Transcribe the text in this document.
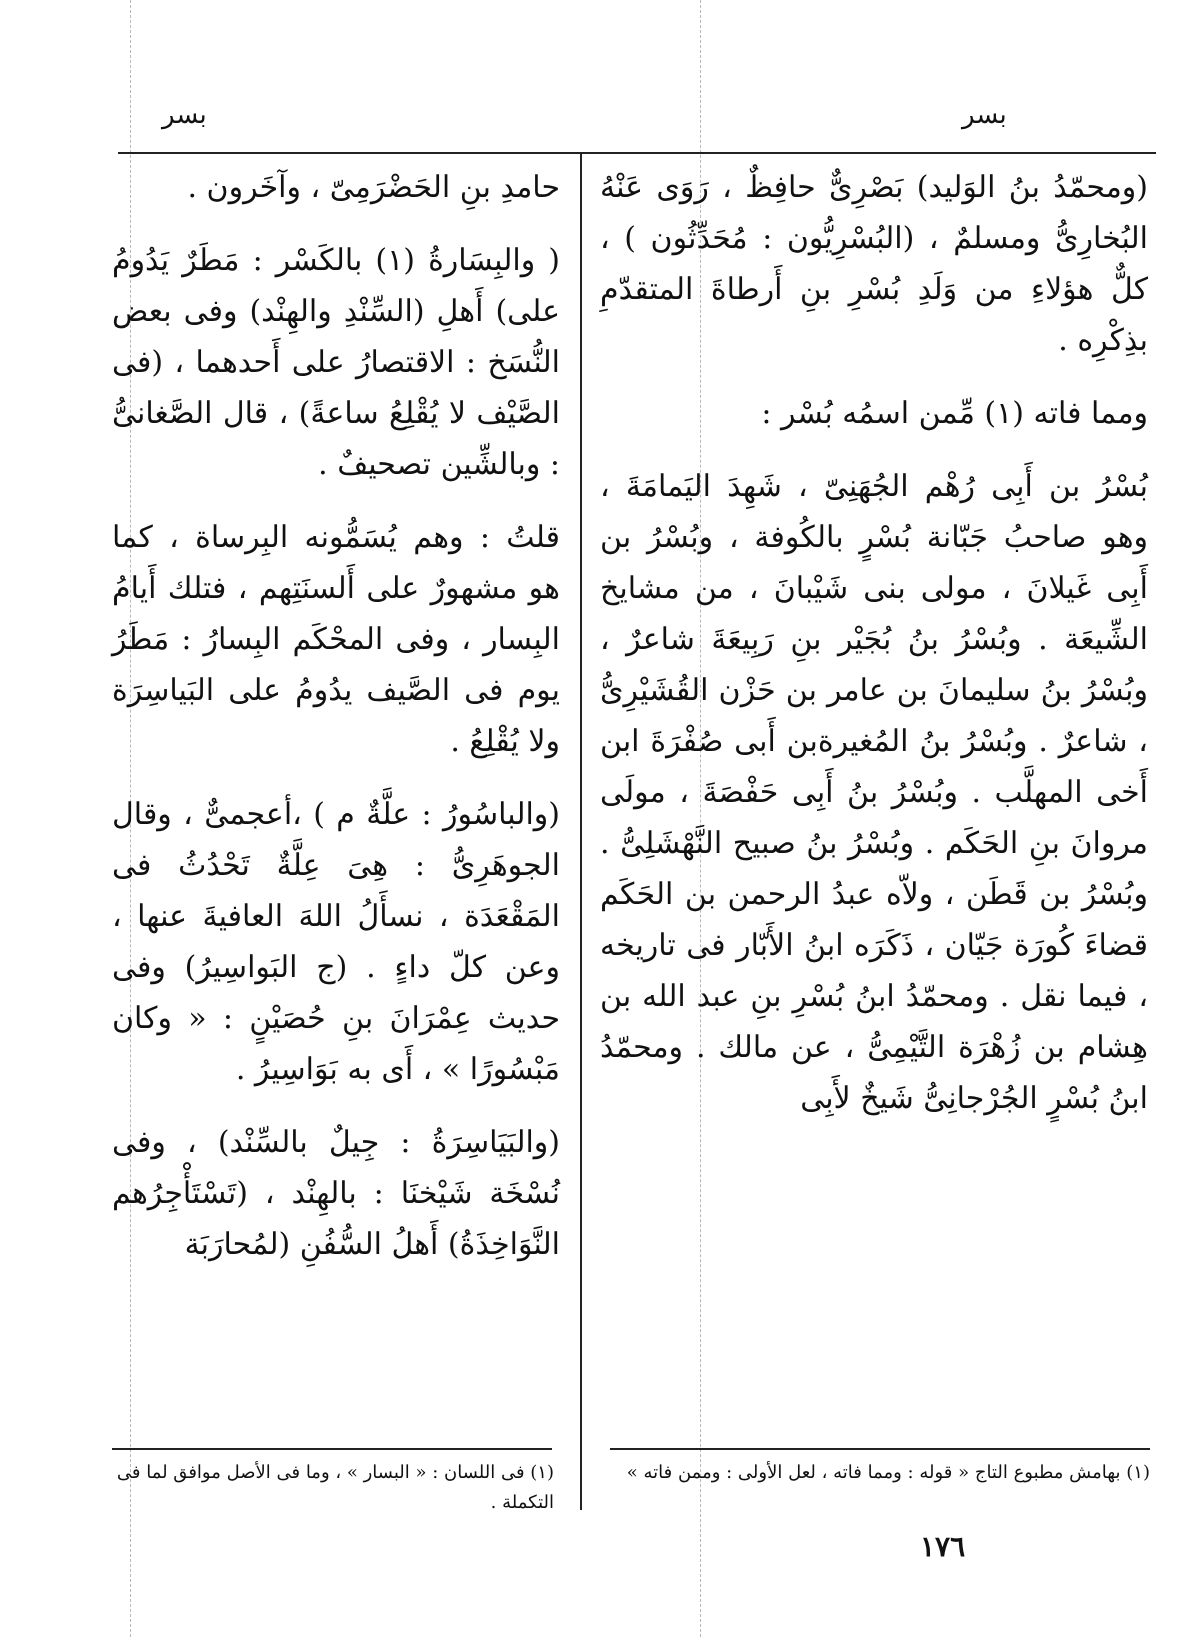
بسر	بسر

(ومحمّدُ بنُ الوَليد) بَصْرِىٌّ حافِظٌ ، رَوَى عَنْهُ البُخارِىُّ ومسلمٌ ، (البُسْرِيُّون : مُحَدِّثُون ) ، كلٌّ هؤلاءِ من وَلَدِ بُسْرِ بنِ أَرطاةَ المتقدّمِ بذِكْرِه .

ومما فاته (١) مِّمن اسمُه بُسْر :

بُسْرُ بن أَبِى رُهْم الجُهَنِىّ ، شَهِدَ اليَمامَةَ ، وهو صاحبُ جَبّانة بُسْرٍ بالكُوفة ، وبُسْرُ بن أَبِى غَيلانَ ، مولى بنى شَيْبانَ ، من مشايخ الشِّيعَة . وبُسْرُ بنُ بُجَيْر بنِ رَبِيعَةَ شاعرٌ ، وبُسْرُ بنُ سليمانَ بن عامر بن حَزْن القُشَيْرِىُّ ، شاعرٌ . وبُسْرُ بنُ المُغيرةبن أَبى صُفْرَةَ ابن أَخى المهلَّب . وبُسْرُ بنُ أَبِى حَفْصَةَ ، مولَى مروانَ بنِ الحَكَم . وبُسْرُ بنُ صبيح النَّهْشَلِىُّ . وبُسْرُ بن قَطَن ، ولاّه عبدُ الرحمن بن الحَكَم قضاءَ كُورَة جَيّان ، ذَكَرَه ابنُ الأَبّار فى تاريخه ، فيما نقل . ومحمّدُ ابنُ بُسْرِ بنِ عبد الله بن هِشام بن زُهْرَة التَّيْمِىُّ ، عن مالك . ومحمّدُ ابنُ بُسْرٍ الجُرْجانِىُّ شَيخٌ لأَبِى

حامدِ بنِ الحَضْرَمِىّ ، وآخَرون .

( والبِسَارةُ (١) بالكَسْر : مَطَرٌ يَدُومُ على) أَهلِ (السِّنْدِ والهِنْد) وفى بعض النُّسَخ : الاقتصارُ على أَحدهما ، (فى الصَّيْف لا يُقْلِعُ ساعةً) ، قال الصَّغانىُّ : وبالشِّين تصحيفٌ .

قلتُ : وهم يُسَمُّونه البِرساة ، كما هو مشهورٌ على أَلسنَتِهم ، فتلك أَيامُ البِسار ، وفى المحْكَم البِسارُ : مَطَرُ يوم فى الصَّيف يدُومُ على البَياسِرَة ولا يُقْلِعُ .

(والباسُورُ : علَّةٌ م ) ،أعجمىٌّ ، وقال الجوهَرِىُّ : هِىَ عِلَّةٌ تَحْدُثُ فى المَقْعَدَة ، نسأَلُ اللهَ العافيةَ عنها ، وعن كلّ داءٍ . (ج البَواسِيرُ) وفى حديث عِمْرَانَ بنِ حُصَيْنٍ : « وكان مَبْسُورًا » ، أَى به بَوَاسِيرُ .

(والبَيَاسِرَةُ : جِيلٌ بالسِّنْد) ، وفى نُسْخَة شَيْخنَا : بالهِنْد ، (تَسْتَأْجِرُهم النَّوَاخِذَةُ) أَهلُ السُّفُنِ (لمُحارَبَة

(١) فى اللسان : « البسار » ، وما فى الأصل موافق لما فى التكملة .
(١) بهامش مطبوع التاج « قوله : ومما فاته ، لعل الأولى : وممن فاته »
١٧٦
